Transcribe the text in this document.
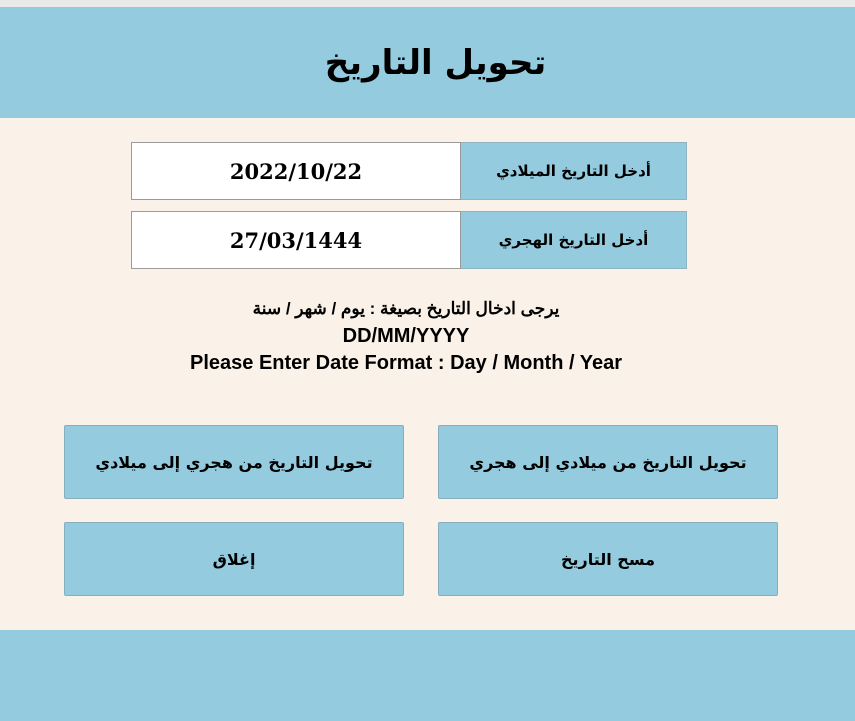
تحويل التاريخ
2022/10/22
أدخل التاريخ الميلادي
27/03/1444
أدخل التاريخ الهجري
يرجى ادخال التاريخ بصيغة : يوم / شهر / سنة
DD/MM/YYYY
Please Enter Date Format : Day / Month / Year
تحويل التاريخ من ميلادي إلى هجري
تحويل التاريخ من هجري إلى ميلادي
مسح التاريخ
إغلاق
